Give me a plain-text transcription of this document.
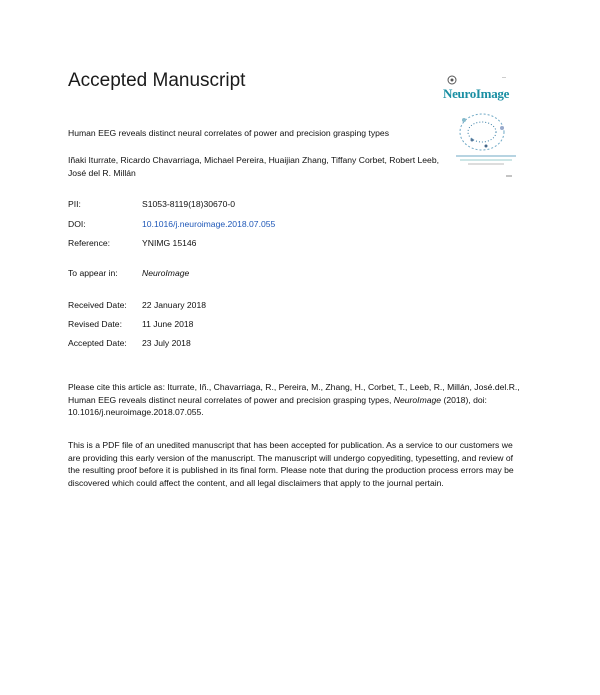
Accepted Manuscript	—
NeuroImage
Human EEG reveals distinct neural correlates of power and precision grasping types
Iñaki Iturrate, Ricardo Chavarriaga, Michael Pereira, Huaijian Zhang, Tiffany Corbet, Robert Leeb, José del R. Millán
PII:	S1053-8119(18)30670-0
DOI:	10.1016/j.neuroimage.2018.07.055
Reference:	YNIMG 15146
To appear in:	NeuroImage
Received Date: 22 January 2018
Revised Date: 11 June 2018
Accepted Date: 23 July 2018
Please cite this article as: Iturrate, Iñ., Chavarriaga, R., Pereira, M., Zhang, H., Corbet, T., Leeb, R., Millán, José.del.R., Human EEG reveals distinct neural correlates of power and precision grasping types, NeuroImage (2018), doi: 10.1016/j.neuroimage.2018.07.055.
This is a PDF file of an unedited manuscript that has been accepted for publication. As a service to our customers we are providing this early version of the manuscript. The manuscript will undergo copyediting, typesetting, and review of the resulting proof before it is published in its final form. Please note that during the production process errors may be discovered which could affect the content, and all legal disclaimers that apply to the journal pertain.
